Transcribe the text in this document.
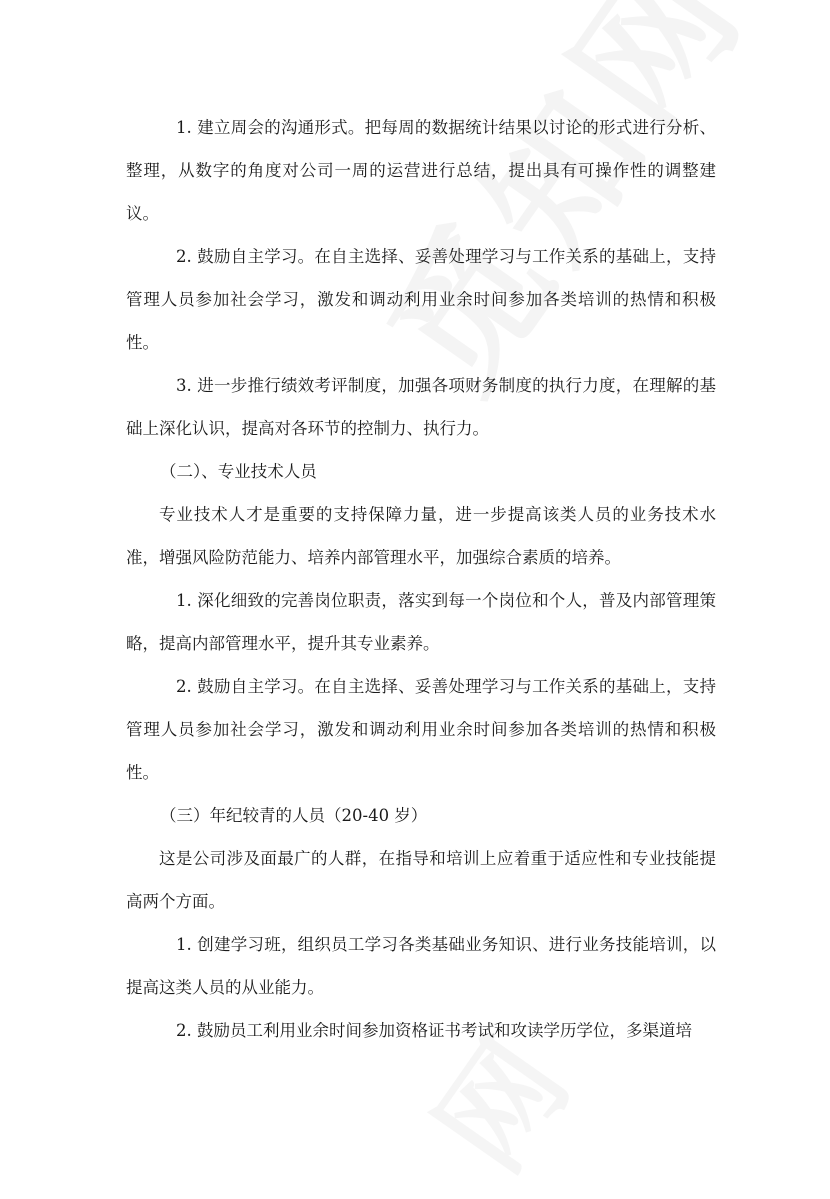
1. 建立周会的沟通形式。把每周的数据统计结果以讨论的形式进行分析、整理，从数字的角度对公司一周的运营进行总结，提出具有可操作性的调整建议。

2. 鼓励自主学习。在自主选择、妥善处理学习与工作关系的基础上，支持管理人员参加社会学习，激发和调动利用业余时间参加各类培训的热情和积极性。

3. 进一步推行绩效考评制度，加强各项财务制度的执行力度，在理解的基础上深化认识，提高对各环节的控制力、执行力。

（二）、专业技术人员

专业技术人才是重要的支持保障力量，进一步提高该类人员的业务技术水准，增强风险防范能力、培养内部管理水平，加强综合素质的培养。

1. 深化细致的完善岗位职责，落实到每一个岗位和个人，普及内部管理策略，提高内部管理水平，提升其专业素养。

2. 鼓励自主学习。在自主选择、妥善处理学习与工作关系的基础上，支持管理人员参加社会学习，激发和调动利用业余时间参加各类培训的热情和积极性。

（三）年纪较青的人员（20-40 岁）

这是公司涉及面最广的人群，在指导和培训上应着重于适应性和专业技能提高两个方面。

1. 创建学习班，组织员工学习各类基础业务知识、进行业务技能培训，以提高这类人员的从业能力。

2. 鼓励员工利用业余时间参加资格证书考试和攻读学历学位，多渠道培
